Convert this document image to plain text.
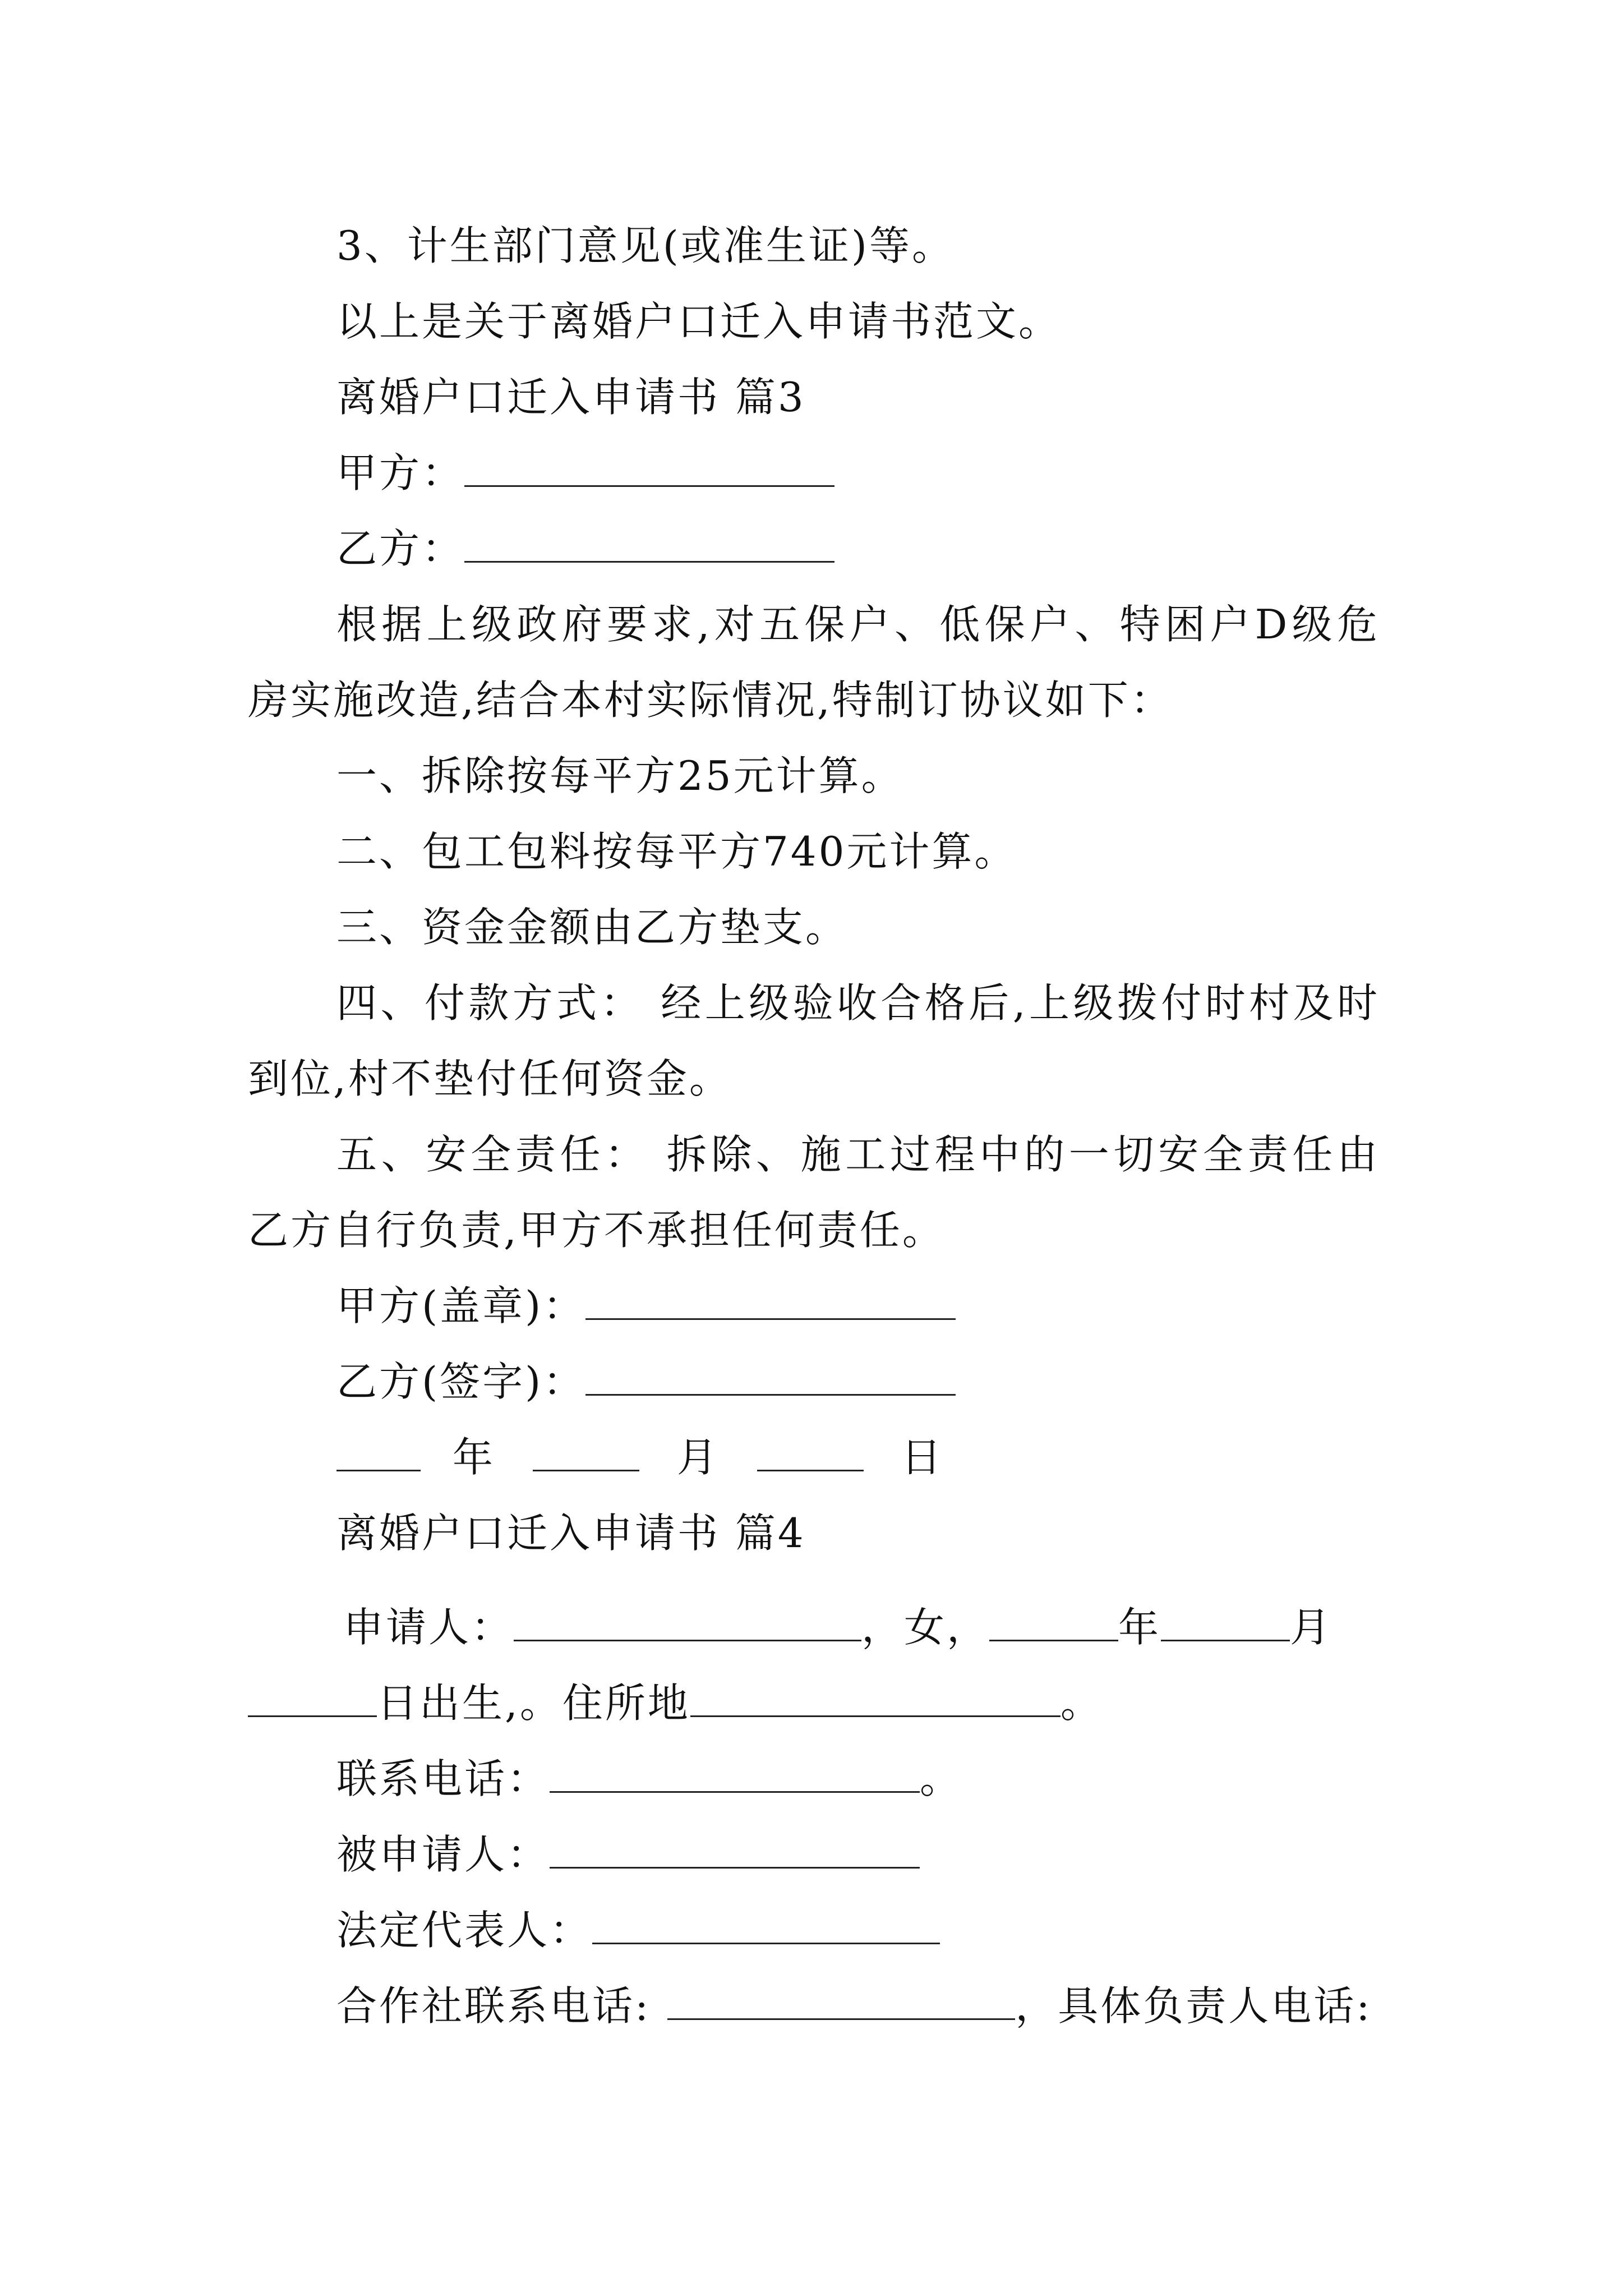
3、计生部门意见(或准生证)等。
以上是关于离婚户口迁入申请书范文。
离婚户口迁入申请书 篇3
甲方：
乙方：
根据上级政府要求,对五保户、低保户、特困户D级危
房实施改造,结合本村实际情况,特制订协议如下：
一、拆除按每平方25元计算。
二、包工包料按每平方740元计算。
三、资金金额由乙方垫支。
四、付款方式： 经上级验收合格后,上级拨付时村及时
到位,村不垫付任何资金。
五、安全责任： 拆除、施工过程中的一切安全责任由
乙方自行负责,甲方不承担任何责任。
甲方(盖章)：
乙方(签字)：
年	月	日
离婚户口迁入申请书 篇4
申请人：	，女，	年	月
日出生,。住所地	。
联系电话：	。
被申请人：
法定代表人：
合作社联系电话:	，具体负责人电话:
